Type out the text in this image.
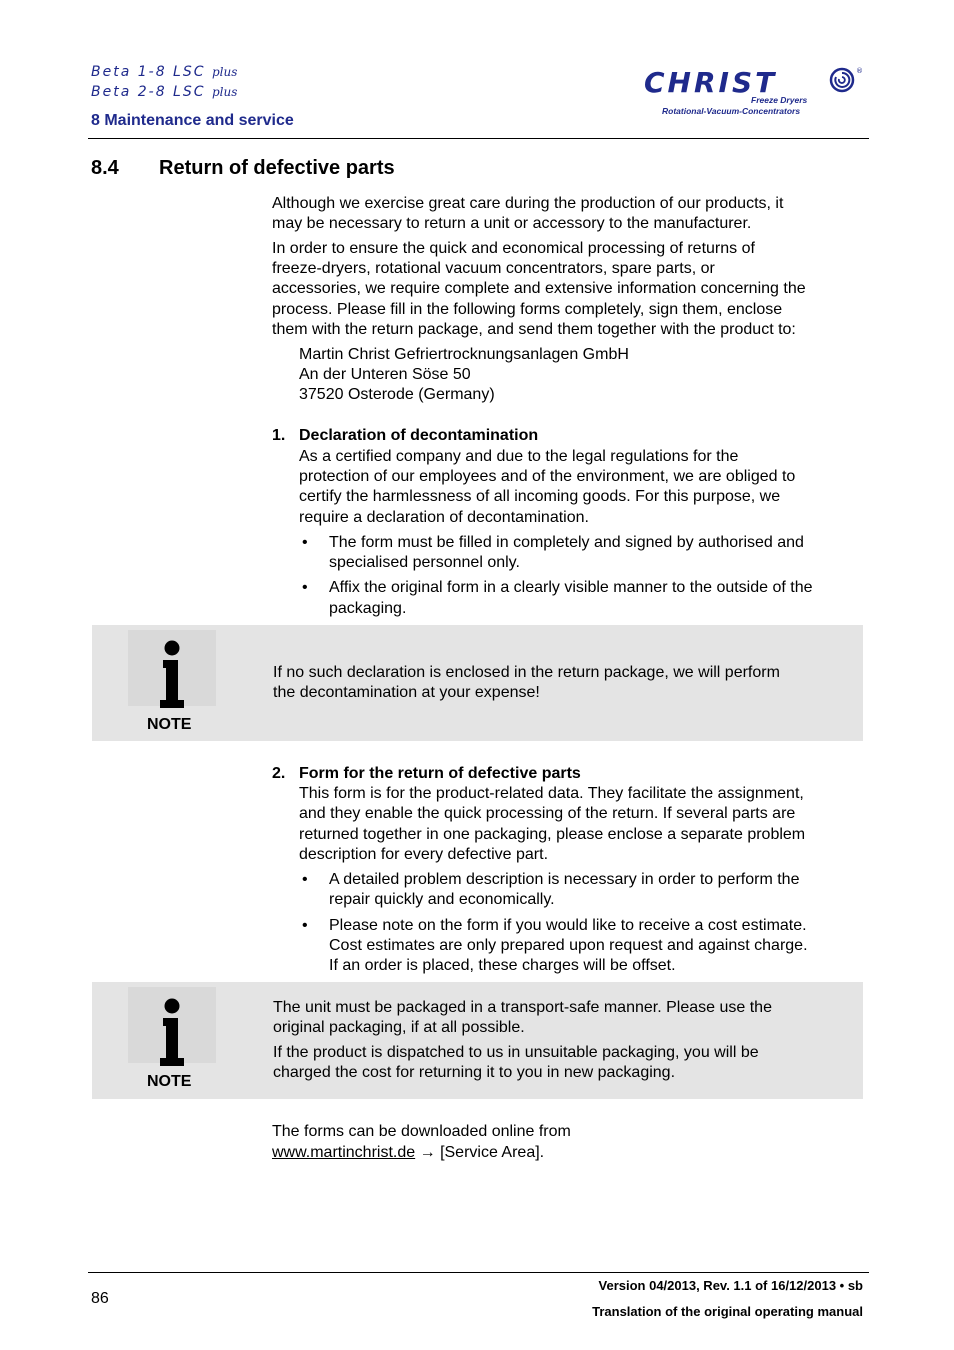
Beta 1-8 LSC plus
Beta 2-8 LSC plus
8 Maintenance and service
CHRIST	®
Freeze Dryers
Rotational-Vacuum-Concentrators
8.4 Return of defective parts
Although we exercise great care during the production of our products, it
may be necessary to return a unit or accessory to the manufacturer.
In order to ensure the quick and economical processing of returns of
freeze-dryers, rotational vacuum concentrators, spare parts, or
accessories, we require complete and extensive information concerning the
process. Please fill in the following forms completely, sign them, enclose
them with the return package, and send them together with the product to:
Martin Christ Gefriertrocknungsanlagen GmbH
An der Unteren Söse 50
37520 Osterode (Germany)
1. Declaration of decontamination
As a certified company and due to the legal regulations for the
protection of our employees and of the environment, we are obliged to
certify the harmlessness of all incoming goods. For this purpose, we
require a declaration of decontamination.
• The form must be filled in completely and signed by authorised and
specialised personnel only.
• Affix the original form in a clearly visible manner to the outside of the
packaging.
NOTE
If no such declaration is enclosed in the return package, we will perform
the decontamination at your expense!
2. Form for the return of defective parts
This form is for the product-related data. They facilitate the assignment,
and they enable the quick processing of the return. If several parts are
returned together in one packaging, please enclose a separate problem
description for every defective part.
• A detailed problem description is necessary in order to perform the
repair quickly and economically.
• Please note on the form if you would like to receive a cost estimate.
Cost estimates are only prepared upon request and against charge.
If an order is placed, these charges will be offset.
NOTE
The unit must be packaged in a transport-safe manner. Please use the
original packaging, if at all possible.
If the product is dispatched to us in unsuitable packaging, you will be
charged the cost for returning it to you in new packaging.
The forms can be downloaded online from
www.martinchrist.de → [Service Area].
86
Version 04/2013, Rev. 1.1 of 16/12/2013 • sb
Translation of the original operating manual
